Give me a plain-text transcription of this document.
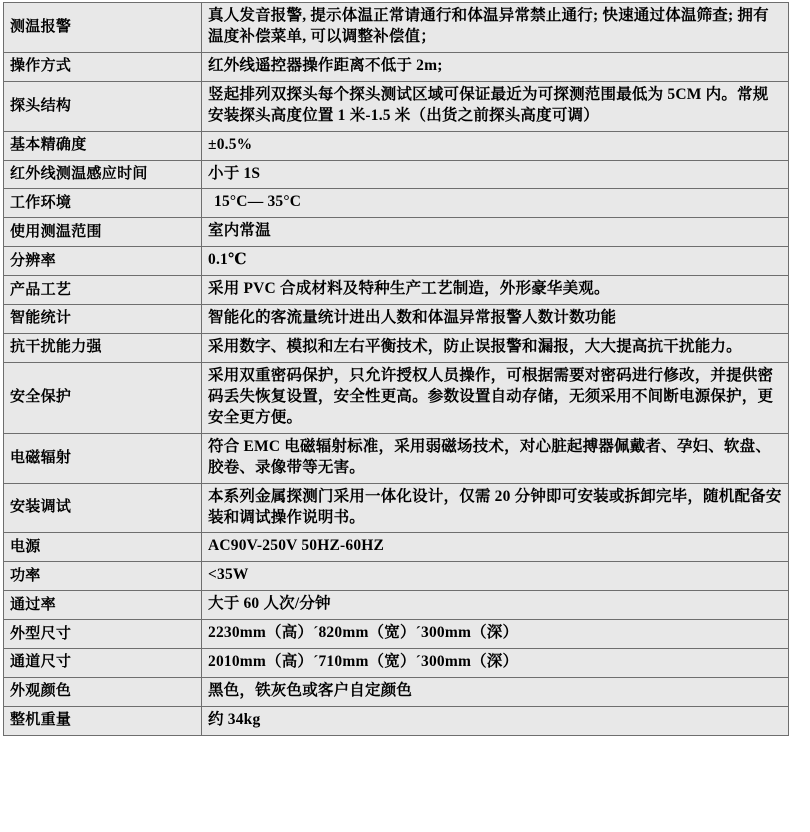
测温报警	真人发音报警, 提示体温正常请通行和体温异常禁止通行; 快速通过体温筛查; 拥有温度补偿菜单, 可以调整补偿值；
操作方式	红外线遥控器操作距离不低于 2m;
探头结构	竖起排列双探头每个探头测试区域可保证最近为可探测范围最低为 5CM 内。常规安装探头高度位置 1 米-1.5 米（出货之前探头高度可调）
基本精确度	±0.5%
红外线测温感应时间	小于 1S
工作环境	15°C— 35°C
使用测温范围	室内常温
分辨率	0.1℃
产品工艺	采用 PVC 合成材料及特种生产工艺制造，外形豪华美观。
智能统计	智能化的客流量统计进出人数和体温异常报警人数计数功能
抗干扰能力强	采用数字、模拟和左右平衡技术，防止误报警和漏报，大大提高抗干扰能力。
安全保护	采用双重密码保护，只允许授权人员操作，可根据需要对密码进行修改，并提供密码丢失恢复设置，安全性更高。参数设置自动存储，无须采用不间断电源保护，更安全更方便。
电磁辐射	符合 EMC 电磁辐射标准，采用弱磁场技术，对心脏起搏器佩戴者、孕妇、软盘、胶卷、录像带等无害。
安装调试	本系列金属探测门采用一体化设计，仅需 20 分钟即可安装或拆卸完毕，随机配备安装和调试操作说明书。
电源	AC90V-250V 50HZ-60HZ
功率	˂35W
通过率	大于 60 人次/分钟
外型尺寸	2230mm（高）´820mm（宽）´300mm（深）
通道尺寸	2010mm（高）´710mm（宽）´300mm（深）
外观颜色	黑色，铁灰色或客户自定颜色
整机重量	约 34kg
